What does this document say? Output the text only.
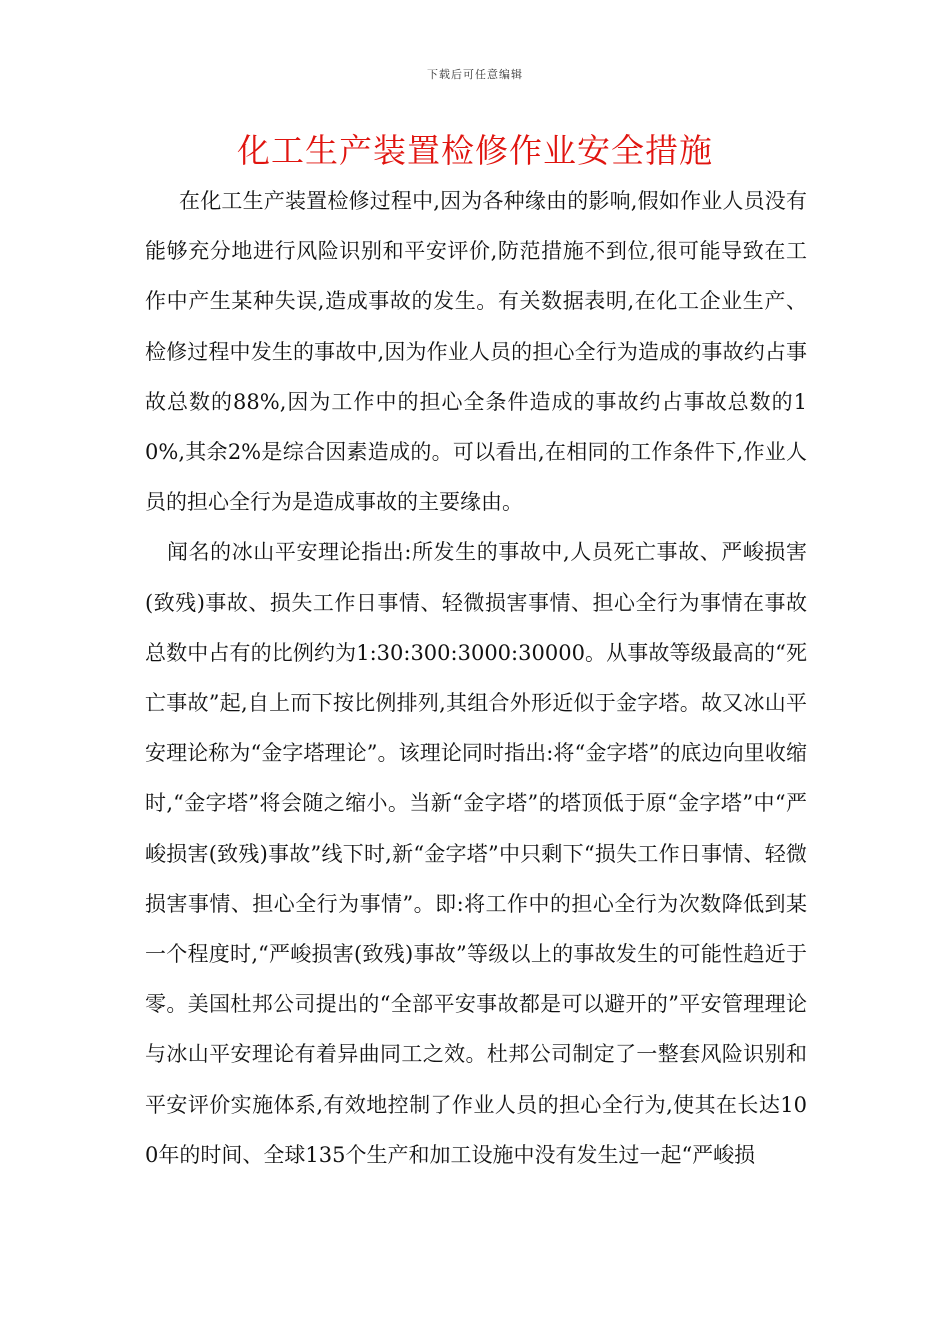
下载后可任意编辑
化工生产装置检修作业安全措施

在化工生产装置检修过程中,因为各种缘由的影响,假如作业人员没有能够充分地进行风险识别和平安评价,防范措施不到位,很可能导致在工作中产生某种失误,造成事故的发生。有关数据表明,在化工企业生产、检修过程中发生的事故中,因为作业人员的担心全行为造成的事故约占事故总数的88%,因为工作中的担心全条件造成的事故约占事故总数的10%,其余2%是综合因素造成的。可以看出,在相同的工作条件下,作业人员的担心全行为是造成事故的主要缘由。

闻名的冰山平安理论指出:所发生的事故中,人员死亡事故、严峻损害(致残)事故、损失工作日事情、轻微损害事情、担心全行为事情在事故总数中占有的比例约为1:30:300:3000:30000。从事故等级最高的“死亡事故”起,自上而下按比例排列,其组合外形近似于金字塔。故又冰山平安理论称为“金字塔理论”。该理论同时指出:将“金字塔”的底边向里收缩时,“金字塔”将会随之缩小。当新“金字塔”的塔顶低于原“金字塔”中“严峻损害(致残)事故”线下时,新“金字塔”中只剩下“损失工作日事情、轻微损害事情、担心全行为事情”。即:将工作中的担心全行为次数降低到某一个程度时,“严峻损害(致残)事故”等级以上的事故发生的可能性趋近于零。美国杜邦公司提出的“全部平安事故都是可以避开的”平安管理理论与冰山平安理论有着异曲同工之效。杜邦公司制定了一整套风险识别和平安评价实施体系,有效地控制了作业人员的担心全行为,使其在长达100年的时间、全球135个生产和加工设施中没有发生过一起“严峻损
